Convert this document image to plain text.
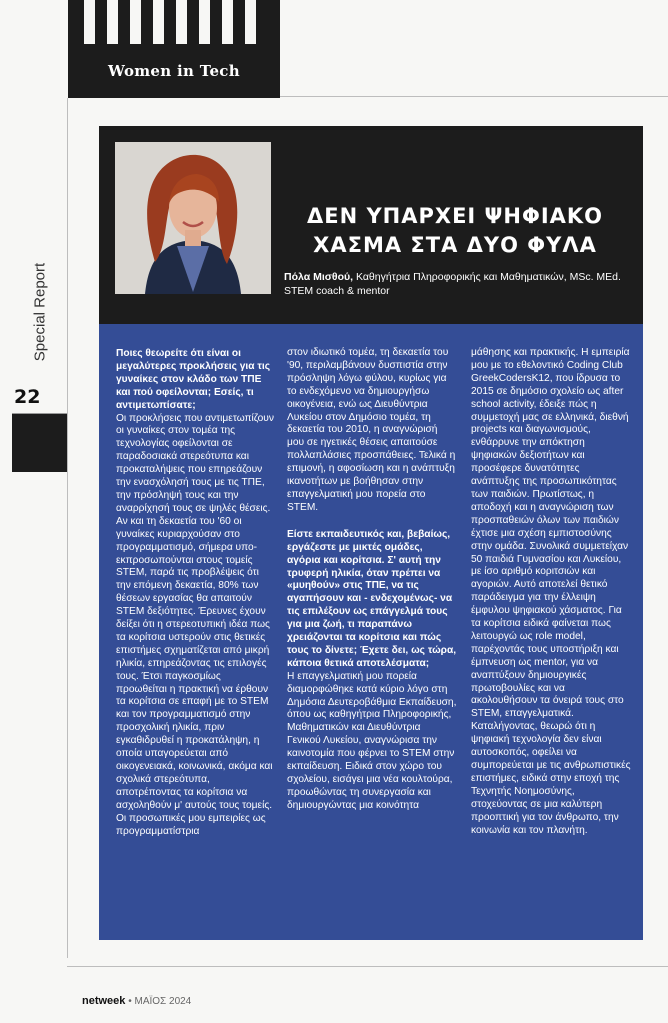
Women in Tech
Special Report
22
ΔΕΝ ΥΠΑΡΧΕΙ ΨΗΦΙΑΚΟ ΧΑΣΜΑ ΣΤΑ ΔΥΟ ΦΥΛΑ
Πόλα Μισθού, Καθηγήτρια Πληροφορικής και Μαθηματικών, MSc. MEd. STEM coach & mentor

Ποιες θεωρείτε ότι είναι οι μεγαλύτερες προκλήσεις για τις γυναίκες στον κλάδο των ΤΠΕ και πού οφείλονται; Εσείς, τι αντιμετωπίσατε;

Οι προκλήσεις που αντιμετωπίζουν οι γυναίκες στον τομέα της τεχνολογίας οφείλονται σε παραδοσιακά στερεότυπα και προκαταλήψεις που επηρεάζουν την ενασχόλησή τους με τις ΤΠΕ, την πρόσληψή τους και την αναρρίχησή τους σε ψηλές θέσεις. Αν και τη δεκαετία του '60 οι γυναίκες κυριαρχούσαν στο προγραμματισμό, σήμερα υπο-εκπροσωπούνται στους τομείς STEM, παρά τις προβλέψεις ότι την επόμενη δεκαετία, 80% των θέσεων εργασίας θα απαιτούν STEM δεξιότητες. Έρευνες έχουν δείξει ότι η στερεοτυπική ιδέα πως τα κορίτσια υστερούν στις θετικές επιστήμες σχηματίζεται από μικρή ηλικία, επηρεάζοντας τις επιλογές τους. Έτσι παγκοσμίως προωθείται η πρακτική να έρθουν τα κορίτσια σε επαφή με το STEM και τον προγραμματισμό στην προσχολική ηλικία, πριν εγκαθιδρυθεί η προκατάληψη, η οποία υπαγορεύεται από οικογενειακά, κοινωνικά, ακόμα και σχολικά στερεότυπα, αποτρέποντας τα κορίτσια να ασχοληθούν μ' αυτούς τους τομείς. Οι προσωπικές μου εμπειρίες ως προγραμματίστρια

στον ιδιωτικό τομέα, τη δεκαετία του '90, περιλαμβάνουν δυσπιστία στην πρόσληψη λόγω φύλου, κυρίως για το ενδεχόμενο να δημιουργήσω οικογένεια, ενώ ως Διευθύντρια Λυκείου στον Δημόσιο τομέα, τη δεκαετία του 2010, η αναγνώρισή μου σε ηγετικές θέσεις απαιτούσε πολλαπλάσιες προσπάθειες. Τελικά η επιμονή, η αφοσίωση και η ανάπτυξη ικανοτήτων με βοήθησαν στην επαγγελματική μου πορεία στο STEM.

Είστε εκπαιδευτικός και, βεβαίως, εργάζεστε με μικτές ομάδες, αγόρια και κορίτσια. Σ' αυτή την τρυφερή ηλικία, όταν πρέπει να «μυηθούν» στις ΤΠΕ, να τις αγαπήσουν και - ενδεχομένως- να τις επιλέξουν ως επάγγελμά τους για μια ζωή, τι παραπάνω χρειάζονται τα κορίτσια και πώς τους το δίνετε; Έχετε δει, ως τώρα, κάποια θετικά αποτελέσματα;

Η επαγγελματική μου πορεία διαμορφώθηκε κατά κύριο λόγο στη Δημόσια Δευτεροβάθμια Εκπαίδευση, όπου ως καθηγήτρια Πληροφορικής, Μαθηματικών και Διευθύντρια Γενικού Λυκείου, αναγνώρισα την καινοτομία που φέρνει το STEM στην εκπαίδευση. Ειδικά στον χώρο του σχολείου, εισάγει μια νέα κουλτούρα, προωθώντας τη συνεργασία και δημιουργώντας μια κοινότητα

μάθησης και πρακτικής. Η εμπειρία μου με το εθελοντικό Coding Club GreekCodersK12, που ίδρυσα το 2015 σε δημόσιο σχολείο ως after school activity, έδειξε πώς η συμμετοχή μας σε ελληνικά, διεθνή projects και διαγωνισμούς, ενθάρρυνε την απόκτηση ψηφιακών δεξιοτήτων και προσέφερε δυνατότητες ανάπτυξης της προσωπικότητας των παιδιών. Πρωτίστως, η αποδοχή και η αναγνώριση των προσπαθειών όλων των παιδιών έχτισε μια σχέση εμπιστοσύνης στην ομάδα. Συνολικά συμμετείχαν 50 παιδιά Γυμνασίου και Λυκείου, με ίσο αριθμό κοριτσιών και αγοριών. Αυτό αποτελεί θετικό παράδειγμα για την έλλειψη έμφυλου ψηφιακού χάσματος. Για τα κορίτσια ειδικά φαίνεται πως λειτουργώ ως role model, παρέχοντάς τους υποστήριξη και έμπνευση ως mentor, για να αναπτύξουν δημιουργικές πρωτοβουλίες και να ακολουθήσουν τα όνειρά τους στο STEM, επαγγελματικά. Καταλήγοντας, θεωρώ ότι η ψηφιακή τεχνολογία δεν είναι αυτοσκοπός, οφείλει να συμπορεύεται με τις ανθρωπιστικές επιστήμες, ειδικά στην εποχή της Τεχνητής Νοημοσύνης, στοχεύοντας σε μια καλύτερη προοπτική για τον άνθρωπο, την κοινωνία και τον πλανήτη.

netweek • ΜΑΪΟΣ 2024
